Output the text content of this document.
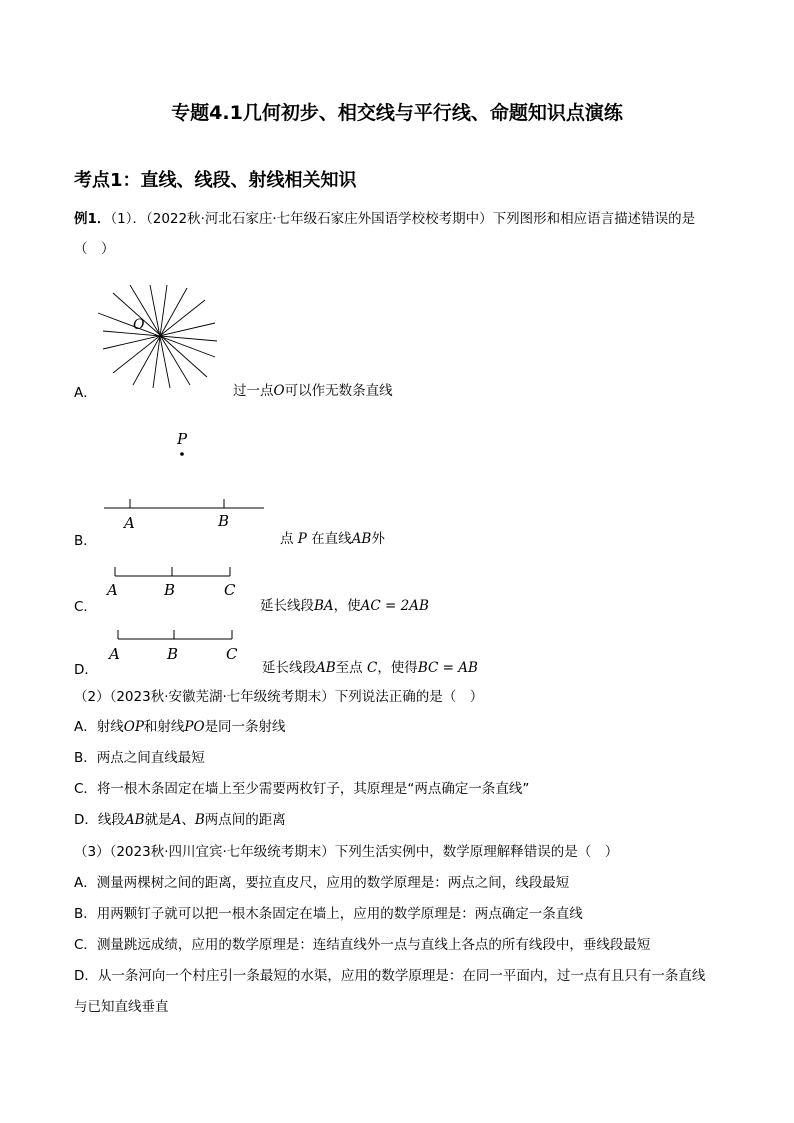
专题4.1几何初步、相交线与平行线、命题知识点演练
考点1：直线、线段、射线相关知识
例1．（1）．（2022秋·河北石家庄·七年级石家庄外国语学校校考期中）下列图形和相应语言描述错误的是
（　）
O
A．	过一点O可以作无数条直线
P
A	B
B．	点 P 在直线AB外
A	B	C
C．	延长线段BA，使AC = 2AB
A	B	C
D．	延长线段AB至点 C，使得BC = AB
（2）（2023秋·安徽芜湖·七年级统考期末）下列说法正确的是（　）
A．射线OP和射线PO是同一条射线
B．两点之间直线最短
C．将一根木条固定在墙上至少需要两枚钉子，其原理是“两点确定一条直线”
D．线段AB就是A、B两点间的距离
（3）（2023秋·四川宜宾·七年级统考期末）下列生活实例中，数学原理解释错误的是（　）
A．测量两棵树之间的距离，要拉直皮尺，应用的数学原理是：两点之间，线段最短
B．用两颗钉子就可以把一根木条固定在墙上，应用的数学原理是：两点确定一条直线
C．测量跳远成绩，应用的数学原理是：连结直线外一点与直线上各点的所有线段中，垂线段最短
D．从一条河向一个村庄引一条最短的水渠，应用的数学原理是：在同一平面内，过一点有且只有一条直线
与已知直线垂直
